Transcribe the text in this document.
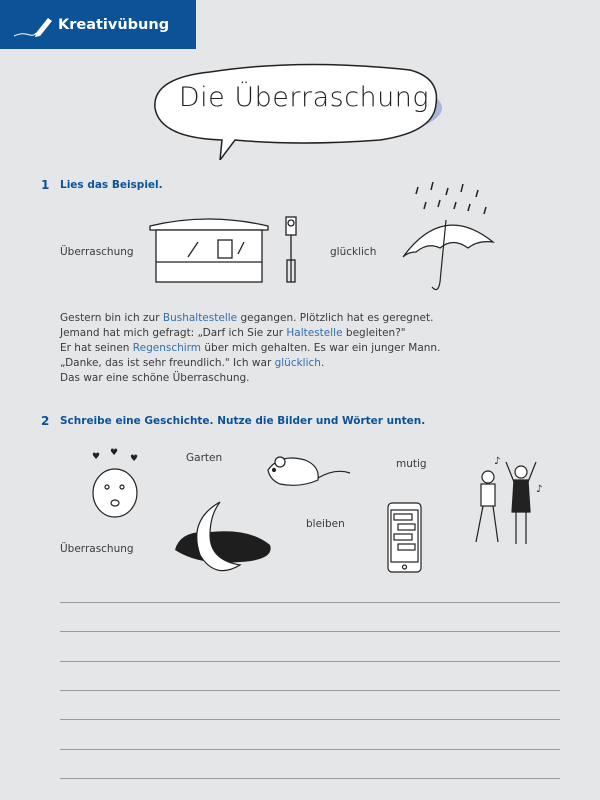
Kreativübung
Die Überraschung
1 Lies das Beispiel.
Überraschung	glücklich
Gestern bin ich zur Bushaltestelle gegangen. Plötzlich hat es geregnet.
Jemand hat mich gefragt: „Darf ich Sie zur Haltestelle begleiten?"
Er hat seinen Regenschirm über mich gehalten. Es war ein junger Mann.
„Danke, das ist sehr freundlich." Ich war glücklich.
Das war eine schöne Überraschung.
2 Schreibe eine Geschichte. Nutze die Bilder und Wörter unten.
♥ ♥
♥	Garten	mutig	♪
♪
Überraschung
bleiben
